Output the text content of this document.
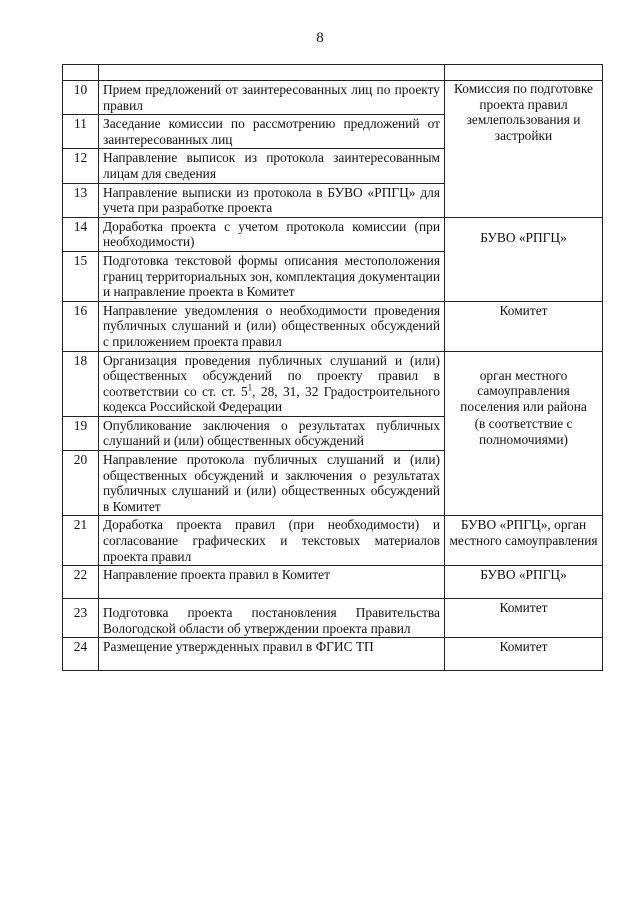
8

10	Прием предложений от заинтересованных лиц по проекту правил	Комиссия по подготовке проекта правил землепользования и застройки
11	Заседание комиссии по рассмотрению предложений от заинтересованных лиц	
12	Направление выписок из протокола заинтересованным лицам для сведения	
13	Направление выписки из протокола в БУВО «РПГЦ» для учета при разработке проекта	
14	Доработка проекта с учетом протокола комиссии (при необходимости)	БУВО «РПГЦ»
15	Подготовка текстовой формы описания местоположения границ территориальных зон, комплектация документации и направление проекта в Комитет	
16	Направление уведомления о необходимости проведения публичных слушаний и (или) общественных обсуждений с приложением проекта правил	Комитет
18	Организация проведения публичных слушаний и (или) общественных обсуждений по проекту правил в соответствии со ст. ст. $5^1$, 28, 31, 32 Градостроительного кодекса Российской Федерации	орган местного самоуправления поселения или района
(в соответствие с полномочиями)

19	Опубликование заключения о результатах публичных слушаний и (или) общественных обсуждений	
20	Направление протокола публичных слушаний и (или) общественных обсуждений и заключения о результатах публичных слушаний и (или) общественных обсуждений в Комитет	
21	Доработка проекта правил (при необходимости) и согласование графических и текстовых материалов проекта правил	БУВО «РПГЦ», орган местного самоуправления
22	Направление проекта правил в Комитет	БУВО «РПГЦ»
23	Подготовка проекта постановления Правительства Вологодской области об утверждении проекта правил	Комитет
24	Размещение утвержденных правил в ФГИС ТП	Комитет
